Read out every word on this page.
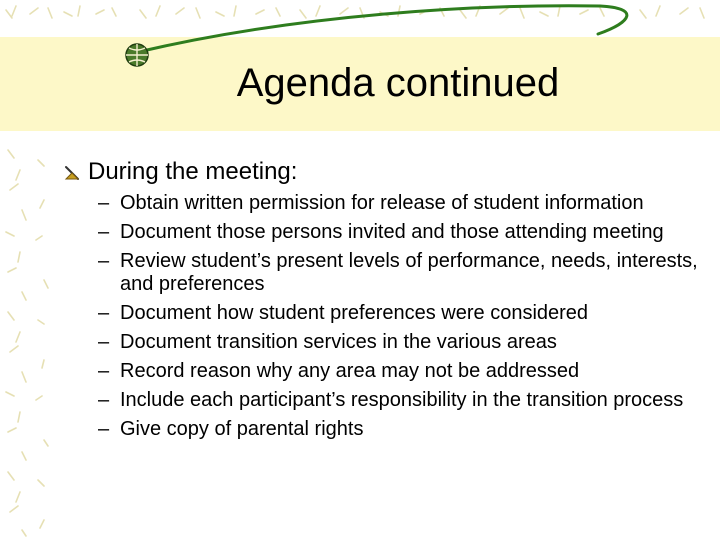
Agenda continued
During the meeting:
– Obtain written permission for release of student information
– Document those persons invited and those attending meeting
– Review student’s present levels of performance, needs, interests, and preferences
– Document how student preferences were considered
– Document transition services in the various areas
– Record reason why any area may not be addressed
– Include each participant’s responsibility in the transition process
– Give copy of parental rights
